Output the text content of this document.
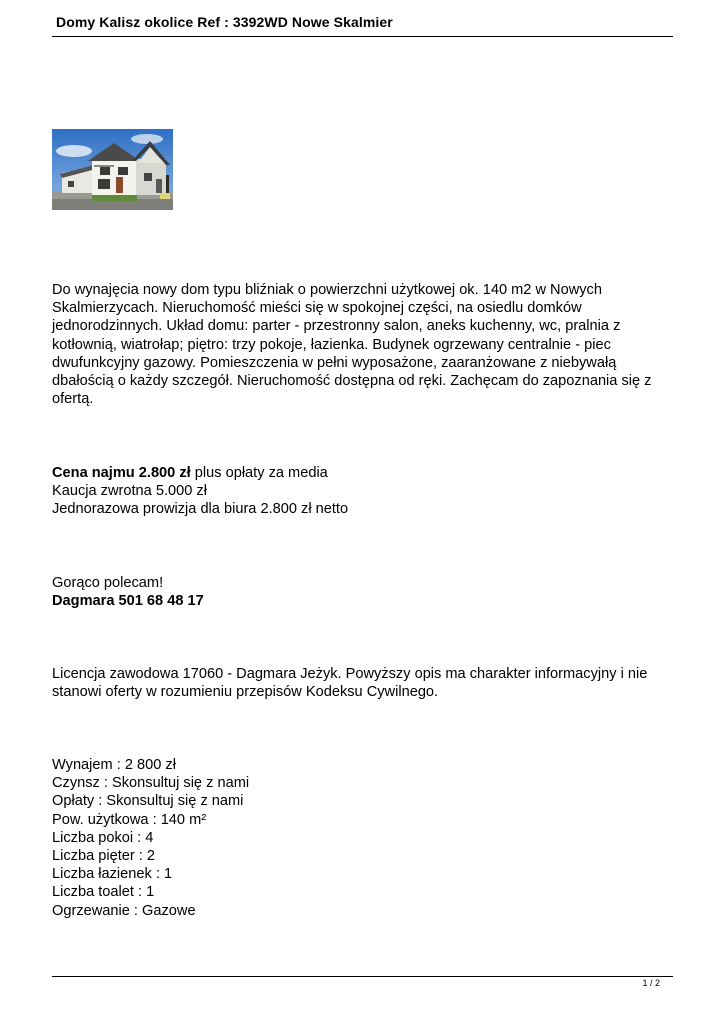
Domy Kalisz okolice Ref : 3392WD Nowe Skalmier
Do wynajęcia nowy dom typu bliźniak o powierzchni użytkowej ok. 140 m2 w Nowych Skalmierzycach. Nieruchomość mieści się w spokojnej części, na osiedlu domków jednorodzinnych. Układ domu: parter - przestronny salon, aneks kuchenny, wc, pralnia z kotłownią, wiatrołap; piętro: trzy pokoje, łazienka. Budynek ogrzewany centralnie - piec dwufunkcyjny gazowy. Pomieszczenia w pełni wyposażone, zaaranżowane z niebywałą dbałością o każdy szczegół. Nieruchomość dostępna od ręki. Zachęcam do zapoznania się z ofertą.
Cena najmu 2.800 zł plus opłaty za media
Kaucja zwrotna 5.000 zł
Jednorazowa prowizja dla biura 2.800 zł netto
Gorąco polecam!
Dagmara 501 68 48 17
Licencja zawodowa 17060 - Dagmara Jeżyk. Powyższy opis ma charakter informacyjny i nie stanowi oferty w rozumieniu przepisów Kodeksu Cywilnego.
Wynajem : 2 800 zł
Czynsz : Skonsultuj się z nami
Opłaty : Skonsultuj się z nami
Pow. użytkowa : 140 m²
Liczba pokoi : 4
Liczba pięter : 2
Liczba łazienek : 1
Liczba toalet : 1
Ogrzewanie : Gazowe
1 / 2
